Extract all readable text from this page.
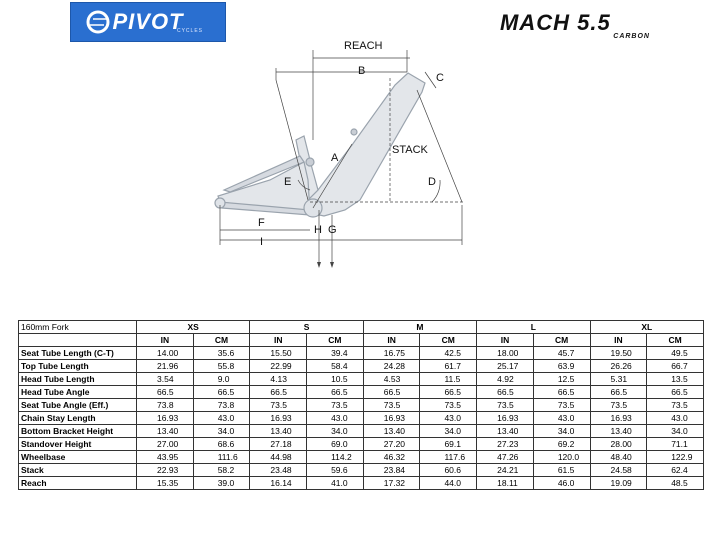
PIVOT
CYCLES	MACH 5.5
CARBON
REACH
B
C
A
STACK
E	D
F
H G
I
160mm Fork	XS		S		M		L		XL	
	IN	CM	IN	CM	IN	CM	IN	CM	IN	CM
Seat Tube Length (C-T)	14.00	35.6	15.50	39.4	16.75	42.5	18.00	45.7	19.50	49.5
Top Tube Length	21.96	55.8	22.99	58.4	24.28	61.7	25.17	63.9	26.26	66.7
Head Tube Length	3.54	9.0	4.13	10.5	4.53	11.5	4.92	12.5	5.31	13.5
Head Tube Angle	66.5	66.5	66.5	66.5	66.5	66.5	66.5	66.5	66.5	66.5
Seat Tube Angle (Eff.)	73.8	73.8	73.5	73.5	73.5	73.5	73.5	73.5	73.5	73.5
Chain Stay Length	16.93	43.0	16.93	43.0	16.93	43.0	16.93	43.0	16.93	43.0
Bottom Bracket Height	13.40	34.0	13.40	34.0	13.40	34.0	13.40	34.0	13.40	34.0
Standover Height	27.00	68.6	27.18	69.0	27.20	69.1	27.23	69.2	28.00	71.1
Wheelbase	43.95	111.6	44.98	114.2	46.32	117.6	47.26	120.0	48.40	122.9
Stack	22.93	58.2	23.48	59.6	23.84	60.6	24.21	61.5	24.58	62.4
Reach	15.35	39.0	16.14	41.0	17.32	44.0	18.11	46.0	19.09	48.5
